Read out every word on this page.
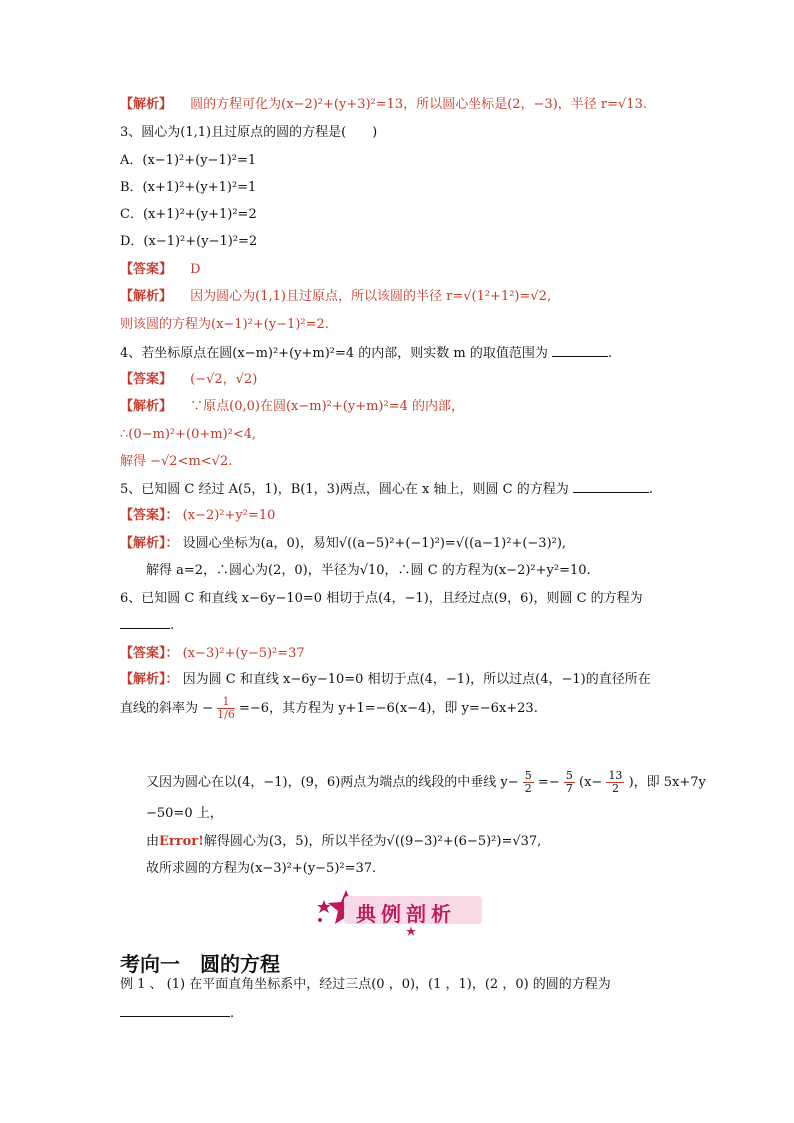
【解析】 圆的方程可化为(x−2)²+(y+3)²=13，所以圆心坐标是(2，−3)，半径 r=√13.
3、圆心为(1,1)且过原点的圆的方程是(　　)
A．(x−1)²+(y−1)²=1
B．(x+1)²+(y+1)²=1
C．(x+1)²+(y+1)²=2
D．(x−1)²+(y−1)²=2
【答案】 D
【解析】 因为圆心为(1,1)且过原点，所以该圆的半径 r=√(1²+1²)=√2,
则该圆的方程为(x−1)²+(y−1)²=2.
4、若坐标原点在圆(x−m)²+(y+m)²=4 的内部，则实数 m 的取值范围为	.
【答案】 (−√2，√2)
【解析】 ∵原点(0,0)在圆(x−m)²+(y+m)²=4 的内部，
∴(0−m)²+(0+m)²<4,
解得 −√2<m<√2.
5、已知圆 C 经过 A(5，1)，B(1，3)两点，圆心在 x 轴上，则圆 C 的方程为	.
【答案】： (x−2)²+y²=10
【解析】： 设圆心坐标为(a，0)，易知√((a−5)²+(−1)²)=√((a−1)²+(−3)²),
解得 a=2，∴圆心为(2，0)，半径为√10，∴圆 C 的方程为(x−2)²+y²=10.
6、已知圆 C 和直线 x−6y−10=0 相切于点(4，−1)，且经过点(9，6)，则圆 C 的方程为
.
【答案】： (x−3)²+(y−5)²=37
【解析】： 因为圆 C 和直线 x−6y−10=0 相切于点(4，−1)，所以过点(4，−1)的直径所在
直线的斜率为 − $\frac{1}{1/6} =-6$，其方程为 y+1=−6(x−4)，即 y=−6x+23.
又因为圆心在以(4，−1)，(9，6)两点为端点的线段的中垂线 $y- \frac{5}{2} =- \frac{5}{7} (x- \frac{13}{2}$ )，即 5x+7y
−50=0 上，
由Error!解得圆心为(3，5)，所以半径为√((9−3)²+(6−5)²)=√37,
故所求圆的方程为(x−3)²+(y−5)²=37.
典例剖析
考向一　圆的方程
例 1 、 (1) 在平面直角坐标系中，经过三点(0 ，0)，(1 ，1)，(2 ，0) 的圆的方程为
.
